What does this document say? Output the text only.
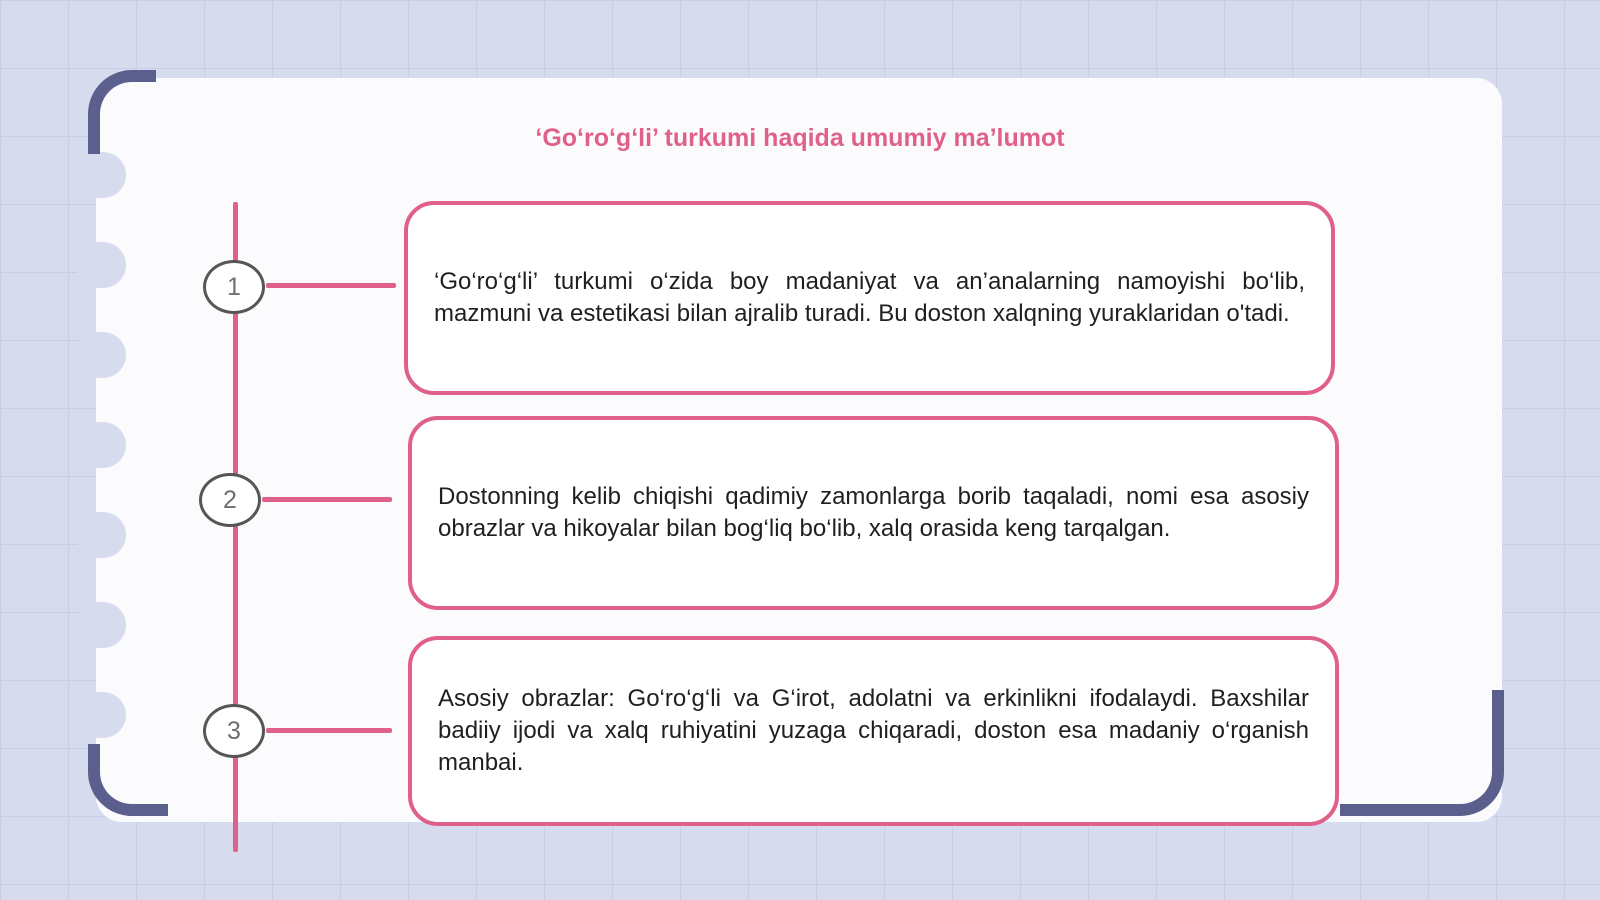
‘Go‘ro‘g‘li’ turkumi haqida umumiy ma’lumot
1	‘Go‘ro‘g‘li’ turkumi o‘zida boy madaniyat va an’analarning namoyishi bo‘lib, mazmuni va estetikasi bilan ajralib turadi. Bu doston xalqning yuraklaridan o'tadi.

2	Dostonning kelib chiqishi qadimiy zamonlarga borib taqaladi, nomi esa asosiy obrazlar va hikoyalar bilan bog‘liq bo‘lib, xalq orasida keng tarqalgan.

3

Asosiy obrazlar: Go‘ro‘g‘li va G‘irot, adolatni va erkinlikni ifodalaydi. Baxshilar badiiy ijodi va xalq ruhiyatini yuzaga chiqaradi, doston esa madaniy o‘rganish manbai.
